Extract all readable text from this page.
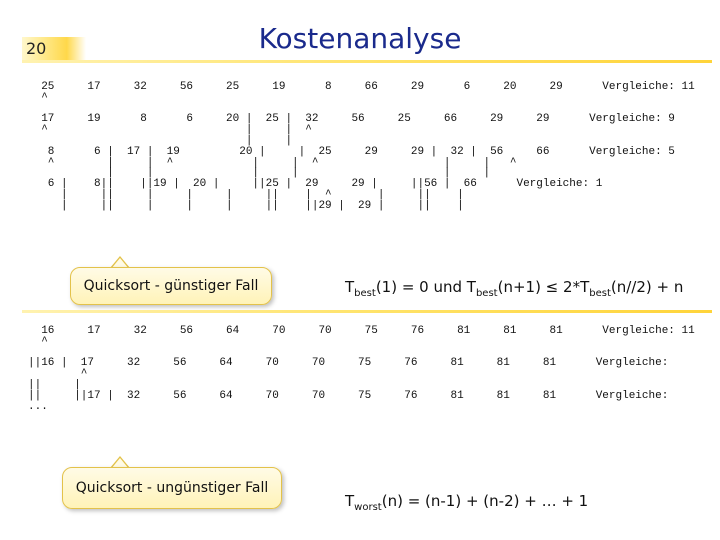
20	Kostenanalyse
25     17     32     56     25     19      8     66     29      6     20     29      Vergleiche: 11
^

17     19      8      6     20 |  25 |  32     56     25     66     29     29      Vergleiche: 9
^                              |     |  ^
|     |
8      6 |  17 |  19         20 |     |  25     29     29 |  32 |  56     66      Vergleiche: 5
^        |     |  ^            |     |  ^                   |     |   ^
|     |               |     |                      |     |
6 |    8||    ||19 |  20 |     ||25 |  29     29 |     ||56 |  66      Vergleiche: 1
|     ||     |     |     |     ||    |  ^       |     ||    |
|     ||     |     |     |     ||    ||29 |  29 |     ||    |
Quicksort - günstiger Fall	$T_{best}(1) = 0$ und $T_{best}(n+1) \le 2*T_{best}(n//2) + n$
16     17     32     56     64     70     70     75     76     81     81     81      Vergleiche: 11
^

||16 |  17     32     56     64     70     70     75     76     81     81     81      Vergleiche:
^
||     |
||     ||17 |  32     56     64     70     70     75     76     81     81     81      Vergleiche:
...
Quicksort - ungünstiger Fall
$T_{worst}(n) = (n-1) + (n-2)$ + … + 1
